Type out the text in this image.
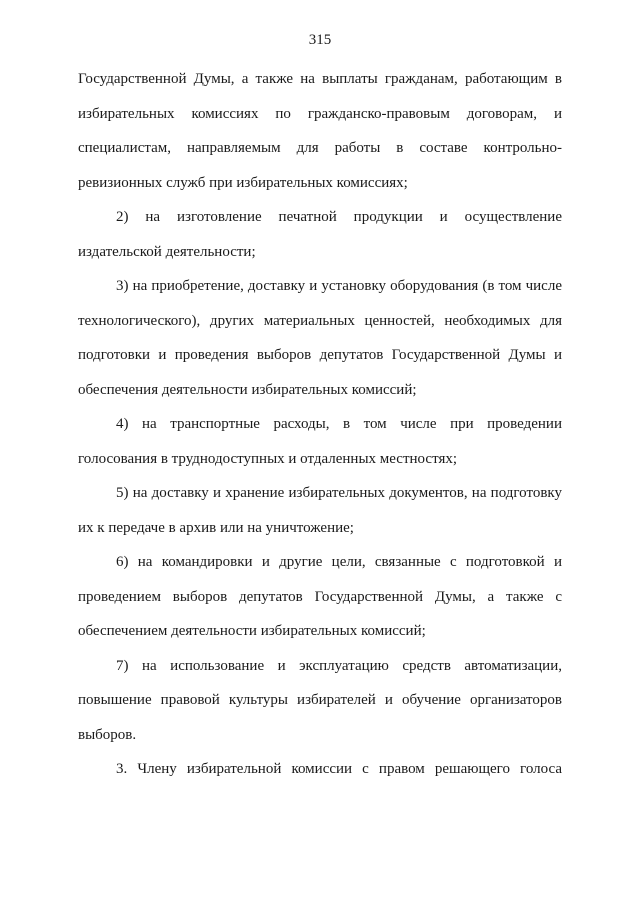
315

Государственной Думы, а также на выплаты гражданам, работающим в избирательных комиссиях по гражданско-правовым договорам, и специалистам, направляемым для работы в составе контрольно-ревизионных служб при избирательных комиссиях;

2) на изготовление печатной продукции и осуществление издательской деятельности;

3) на приобретение, доставку и установку оборудования (в том числе технологического), других материальных ценностей, необходимых для подготовки и проведения выборов депутатов Государственной Думы и обеспечения деятельности избирательных комиссий;

4) на транспортные расходы, в том числе при проведении голосования в труднодоступных и отдаленных местностях;

5) на доставку и хранение избирательных документов, на подготовку их к передаче в архив или на уничтожение;

6) на командировки и другие цели, связанные с подготовкой и проведением выборов депутатов Государственной Думы, а также с обеспечением деятельности избирательных комиссий;

7) на использование и эксплуатацию средств автоматизации, повышение правовой культуры избирателей и обучение организаторов выборов.

3. Члену избирательной комиссии с правом решающего голоса
